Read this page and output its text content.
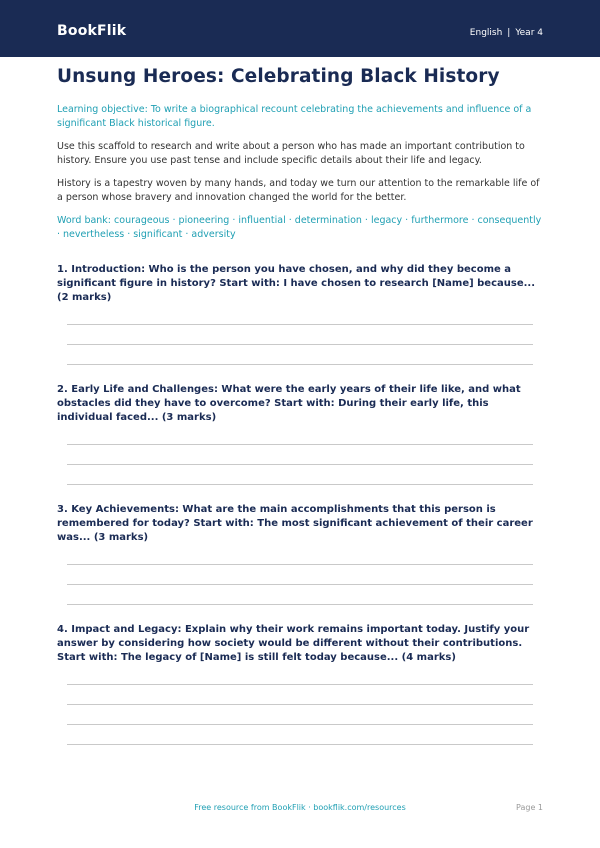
BookFlik	English | Year 4
Unsung Heroes: Celebrating Black History

Learning objective: To write a biographical recount celebrating the achievements and influence of a significant Black historical figure.

Use this scaffold to research and write about a person who has made an important contribution to history. Ensure you use past tense and include specific details about their life and legacy.

History is a tapestry woven by many hands, and today we turn our attention to the remarkable life of a person whose bravery and innovation changed the world for the better.

Word bank: courageous · pioneering · influential · determination · legacy · furthermore · consequently · nevertheless · significant · adversity

1. Introduction: Who is the person you have chosen, and why did they become a significant figure in history? Start with: I have chosen to research [Name] because... (2 marks)

2. Early Life and Challenges: What were the early years of their life like, and what obstacles did they have to overcome? Start with: During their early life, this individual faced... (3 marks)

3. Key Achievements: What are the main accomplishments that this person is remembered for today? Start with: The most significant achievement of their career was... (3 marks)

4. Impact and Legacy: Explain why their work remains important today. Justify your answer by considering how society would be different without their contributions. Start with: The legacy of [Name] is still felt today because... (4 marks)

Free resource from BookFlik · bookflik.com/resources	Page 1
